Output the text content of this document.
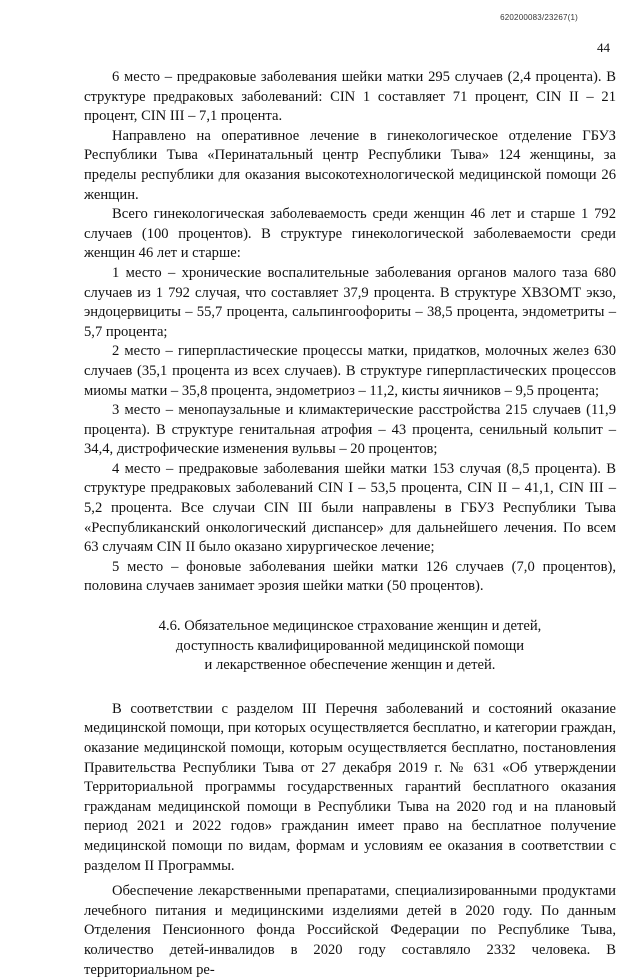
620200083/23267(1)
44

6 место – предраковые заболевания шейки матки 295 случаев (2,4 процента). В структуре предраковых заболеваний: CIN 1 составляет 71 процент, CIN II – 21 процент, CIN III – 7,1 процента.

Направлено на оперативное лечение в гинекологическое отделение ГБУЗ Республики Тыва «Перинатальный центр Республики Тыва» 124 женщины, за пределы республики для оказания высокотехнологической медицинской помощи 26 женщин.

Всего гинекологическая заболеваемость среди женщин 46 лет и старше 1 792 случаев (100 процентов). В структуре гинекологической заболеваемости среди женщин 46 лет и старше:

1 место – хронические воспалительные заболевания органов малого таза 680 случаев из 1 792 случая, что составляет 37,9 процента. В структуре ХВЗОМТ экзо, эндоцервициты – 55,7 процента, сальпингоофориты – 38,5 процента, эндометриты – 5,7 процента;

2 место – гиперпластические процессы матки, придатков, молочных желез 630 случаев (35,1 процента из всех случаев). В структуре гиперпластических процессов миомы матки – 35,8 процента, эндометриоз – 11,2, кисты яичников – 9,5 процента;

3 место – менопаузальные и климактерические расстройства 215 случаев (11,9 процента). В структуре генитальная атрофия – 43 процента, сенильный кольпит – 34,4, дистрофические изменения вульвы – 20 процентов;

4 место – предраковые заболевания шейки матки 153 случая (8,5 процента). В структуре предраковых заболеваний CIN I – 53,5 процента, CIN II – 41,1, CIN III – 5,2 процента. Все случаи CIN III были направлены в ГБУЗ Республики Тыва «Республиканский онкологический диспансер» для дальнейшего лечения. По всем 63 случаям CIN II было оказано хирургическое лечение;

5 место – фоновые заболевания шейки матки 126 случаев (7,0 процентов), половина случаев занимает эрозия шейки матки (50 процентов).

4.6. Обязательное медицинское страхование женщин и детей,
доступность квалифицированной медицинской помощи
и лекарственное обеспечение женщин и детей.

В соответствии с разделом III Перечня заболеваний и состояний оказание медицинской помощи, при которых осуществляется бесплатно, и категории граждан, оказание медицинской помощи, которым осуществляется бесплатно, постановления Правительства Республики Тыва от 27 декабря 2019 г. № 631 «Об утверждении Территориальной программы государственных гарантий бесплатного оказания гражданам медицинской помощи в Республики Тыва на 2020 год и на плановый период 2021 и 2022 годов» гражданин имеет право на бесплатное получение медицинской помощи по видам, формам и условиям ее оказания в соответствии с разделом II Программы.

Обеспечение лекарственными препаратами, специализированными продуктами лечебного питания и медицинскими изделиями детей в 2020 году. По данным Отделения Пенсионного фонда Российской Федерации по Республике Тыва, количество детей-инвалидов в 2020 году составляло 2332 человека. В территориальном ре-
